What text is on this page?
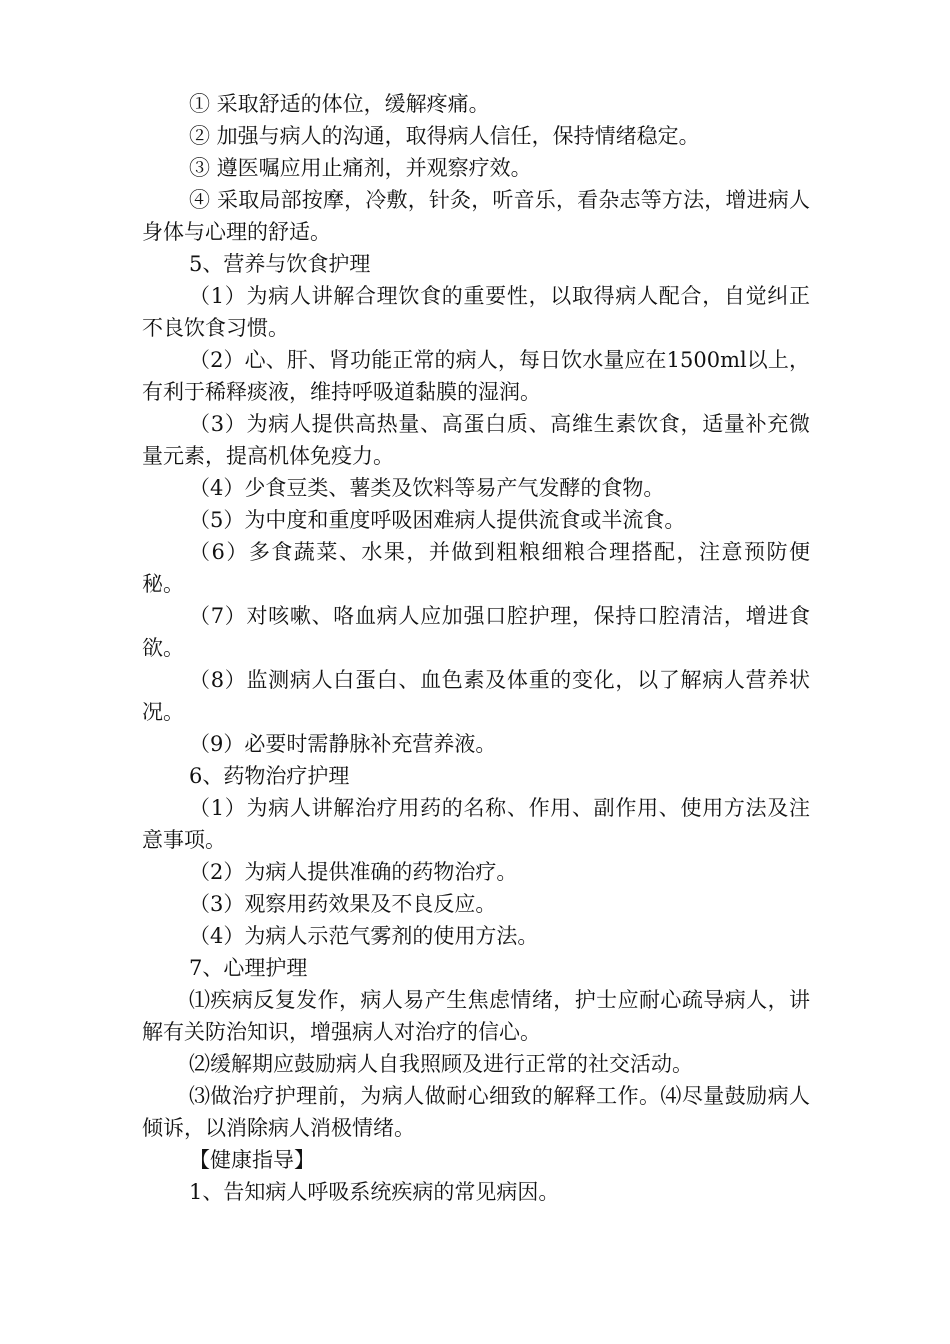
① 采取舒适的体位，缓解疼痛。

② 加强与病人的沟通，取得病人信任，保持情绪稳定。

③ 遵医嘱应用止痛剂，并观察疗效。

④ 采取局部按摩，冷敷，针灸，听音乐，看杂志等方法，增进病人身体与心理的舒适。

5、营养与饮食护理

（1）为病人讲解合理饮食的重要性，以取得病人配合，自觉纠正不良饮食习惯。

（2）心、肝、肾功能正常的病人，每日饮水量应在1500ml以上，有利于稀释痰液，维持呼吸道黏膜的湿润。

（3）为病人提供高热量、高蛋白质、高维生素饮食，适量补充微量元素，提高机体免疫力。

（4）少食豆类、薯类及饮料等易产气发酵的食物。

（5）为中度和重度呼吸困难病人提供流食或半流食。

（6）多食蔬菜、水果，并做到粗粮细粮合理搭配，注意预防便秘。

（7）对咳嗽、咯血病人应加强口腔护理，保持口腔清洁，增进食欲。

（8）监测病人白蛋白、血色素及体重的变化，以了解病人营养状况。

（9）必要时需静脉补充营养液。

6、药物治疗护理

（1）为病人讲解治疗用药的名称、作用、副作用、使用方法及注意事项。

（2）为病人提供准确的药物治疗。

（3）观察用药效果及不良反应。

（4）为病人示范气雾剂的使用方法。

7、心理护理

⑴疾病反复发作，病人易产生焦虑情绪，护士应耐心疏导病人，讲解有关防治知识，增强病人对治疗的信心。

⑵缓解期应鼓励病人自我照顾及进行正常的社交活动。

⑶做治疗护理前，为病人做耐心细致的解释工作。⑷尽量鼓励病人倾诉，以消除病人消极情绪。

【健康指导】

1、告知病人呼吸系统疾病的常见病因。
